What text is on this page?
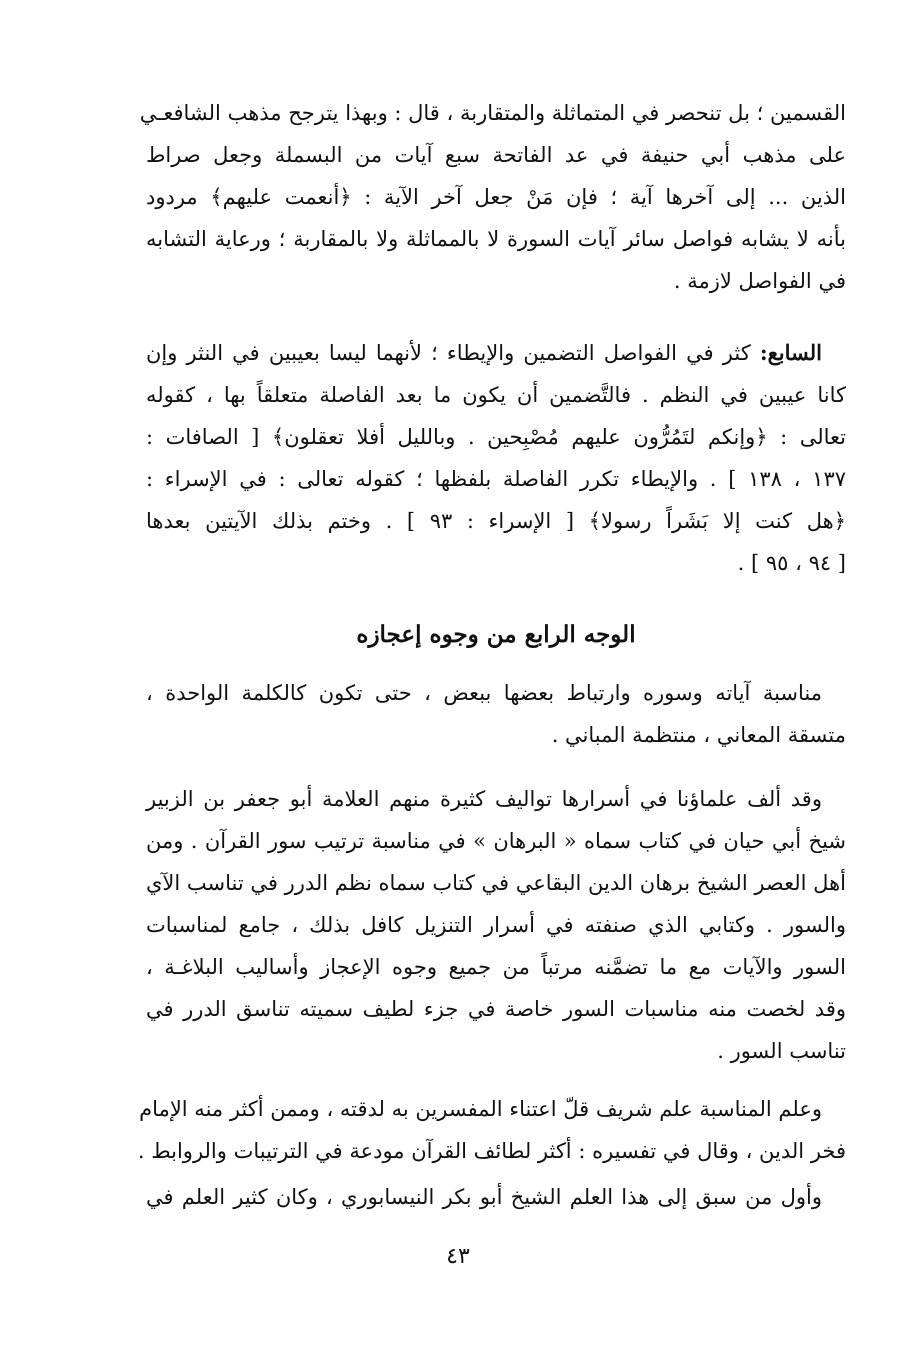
القسمين ؛ بل تنحصر في المتماثلة والمتقاربة ، قال : وبهذا يترجح مذهب الشافعـي
على مذهب أبي حنيفة في عد الفاتحة سبع آيات من البسملة وجعل صراط
الذين ... إلى آخرها آية ؛ فإن مَنْ جعل آخر الآية : ﴿أنعمت عليهم﴾ مردود
بأنه لا يشابه فواصل سائر آيات السورة لا بالمماثلة ولا بالمقاربة ؛ ورعاية التشابه
في الفواصل لازمة .
السابع: كثر في الفواصل التضمين والإيطاء ؛ لأنهما ليسا بعيبين في النثر وإن
كانا عيبين في النظم . فالتَّضمين أن يكون ما بعد الفاصلة متعلقاً بها ، كقوله
تعالى : ﴿وإنكم لتَمُرُّون عليهم مُصْبِحين . وبالليل أفلا تعقلون﴾ [ الصافات :
١٣٧ ، ١٣٨ ] . والإيطاء تكرر الفاصلة بلفظها ؛ كقوله تعالى : في الإسراء :
﴿هل كنت إلا بَشَراً رسولا﴾ [ الإسراء : ٩٣ ] . وختم بذلك الآيتين بعدها
[ ٩٤ ، ٩٥ ] .
الوجه الرابع من وجوه إعجازه
مناسبة آياته وسوره وارتباط بعضها ببعض ، حتى تكون كالكلمة الواحدة ،
متسقة المعاني ، منتظمة المباني .
وقد ألف علماؤنا في أسرارها تواليف كثيرة منهم العلامة أبو جعفر بن الزبير
شيخ أبي حيان في كتاب سماه « البرهان » في مناسبة ترتيب سور القرآن . ومن
أهل العصر الشيخ برهان الدين البقاعي في كتاب سماه نظم الدرر في تناسب الآي
والسور . وكتابي الذي صنفته في أسرار التنزيل كافل بذلك ، جامع لمناسبات
السور والآيات مع ما تضمَّنه مرتباً من جميع وجوه الإعجاز وأساليب البلاغـة ،
وقد لخصت منه مناسبات السور خاصة في جزء لطيف سميته تناسق الدرر في
تناسب السور .
وعلم المناسبة علم شريف قلّ اعتناء المفسرين به لدقته ، وممن أكثر منه الإمام
فخر الدين ، وقال في تفسيره : أكثر لطائف القرآن مودعة في الترتيبات والروابط .
وأول من سبق إلى هذا العلم الشيخ أبو بكر النيسابوري ، وكان كثير العلم في
٤٣
